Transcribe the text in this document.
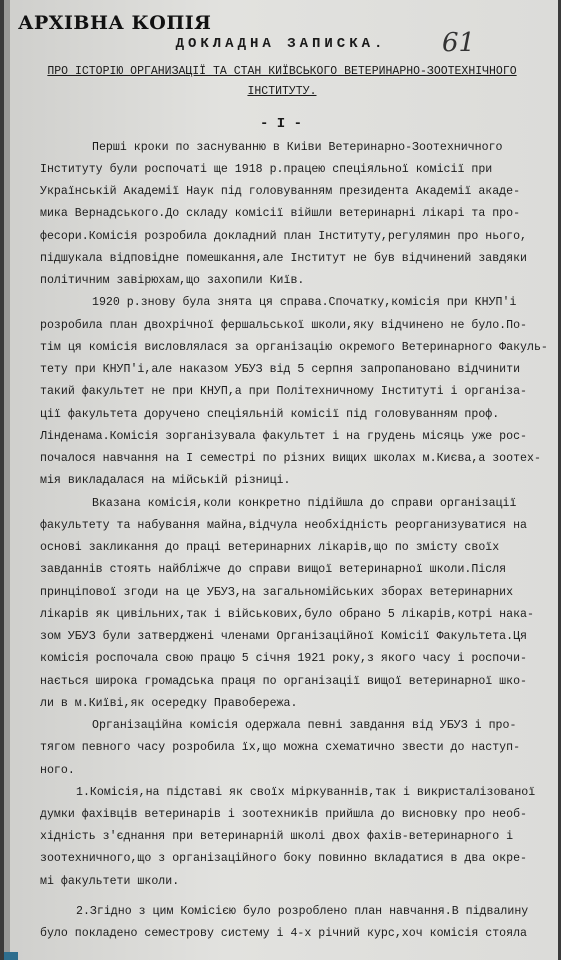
АРХІВНА КОПІЯ
61
ДОКЛАДНА ЗАПИСКА.
ПРО ІСТОРІЮ ОРГАНИЗАЦІЇ ТА СТАН КИЇВСЬКОГО ВЕТЕРИНАРНО-ЗООТЕХНІЧНОГО
ІНСТИТУТУ.
- I -
Перші кроки по заснуванню в Киіви Ветеринарно-Зоотехничного
Інституту були роспочаті ще 1918 р.працею спеціяльної комісії при
Українській Академії Наук під головуванням президента Академії акаде-
мика Вернадського.До складу комісії війшли ветеринарні лікарі та про-
фесори.Комісія розробила докладний план Інституту,регулямин про нього,
підшукала відповідне помешкання,але Інститут не був відчинений завдяки
політичним завірюхам,що захопили Київ.
1920 р.знову була знята ця справа.Спочатку,комісія при КНУП'і
розробила план двохрічної фершальської школи,яку відчинено не було.По-
тім ця комісія висловлялася за організацію окремого Ветеринарного Факуль-
тету при КНУП'і,але наказом УБУЗ від 5 серпня запропановано відчинити
такий факультет не при КНУП,а при Політехничному Інституті і організа-
ції факультета доручено спеціяльній комісії під головуванням проф.
Лінденама.Комісія зорганізувала факультет і на грудень місяць уже рос-
почалося навчання на I семестрі по різних вищих школах м.Києва,а зоотех-
мія викладалася на мійській різниці.
Вказана комісія,коли конкретно підійшла до справи організації
факультету та набування майна,відчула необхідність реорганизуватися на
основі закликання до праці ветеринарних лікарів,що по змісту своїх
завданнів стоять найбліжче до справи вищої ветеринарної школи.Після
принціпової згоди на це УБУЗ,на загальномійських зборах ветеринарних
лікарів як цивільних,так і військових,було обрано 5 лікарів,котрі нака-
зом УБУЗ були затверджені членами Організаційної Комісії Факультета.Ця
комісія роспочала свою працю 5 січня 1921 року,з якого часу і роспочи-
нається широка громадська праця по організації вищої ветеринарної шко-
ли в м.Київі,як осередку Правобережа.
Організаційна комісія одержала певні завдання від УБУЗ і про-
тягом певного часу розробила їх,що можна схематично звести до наступ-
ного.
1.Комісія,на підставі як своїх міркуваннів,так і викристалізованої
думки фахівців ветеринарів і зоотехників прийшла до висновку про необ-
хідність з'єднання при ветеринарній школі двох фахів-ветеринарного і
зоотехничного,що з організаційного боку повинно вкладатися в два окре-
мі факультети школи.
2.Згідно з цим Комісією було розроблено план навчання.В підвалину
було покладено семестрову систему і 4-х річний курс,хоч комісія стояла
